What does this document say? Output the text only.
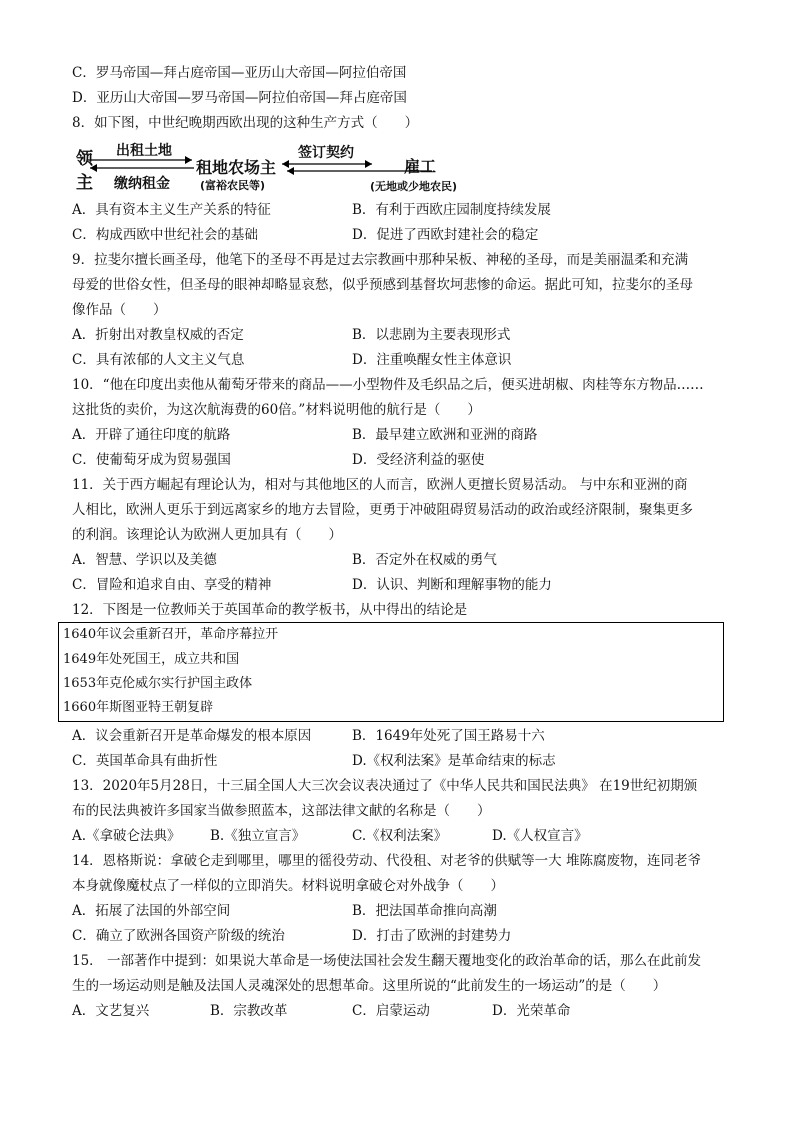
C．罗马帝国—拜占庭帝国—亚历山大帝国—阿拉伯帝国
D．亚历山大帝国—罗马帝国—阿拉伯帝国—拜占庭帝国
8．如下图，中世纪晚期西欧出现的这种生产方式（　　）
领
主
出租土地
缴纳租金
租地农场主
(富裕农民等)
签订契约
雇工
(无地或少地农民)
A．具有资本主义生产关系的特征	B．有利于西欧庄园制度持续发展
C．构成西欧中世纪社会的基础	D．促进了西欧封建社会的稳定
9．拉斐尔擅长画圣母，他笔下的圣母不再是过去宗教画中那种呆板、神秘的圣母，而是美丽温柔和充满
母爱的世俗女性，但圣母的眼神却略显哀愁，似乎预感到基督坎坷悲惨的命运。据此可知，拉斐尔的圣母
像作品（　　）
A．折射出对教皇权威的否定	B．以悲剧为主要表现形式
C．具有浓郁的人文主义气息	D．注重唤醒女性主体意识
10．“他在印度出卖他从葡萄牙带来的商品——小型物件及毛织品之后，便买进胡椒、肉桂等东方物品……
这批货的卖价，为这次航海费的60倍。”材料说明他的航行是（　　）
A．开辟了通往印度的航路	B．最早建立欧洲和亚洲的商路
C．使葡萄牙成为贸易强国	D．受经济利益的驱使
11．关于西方崛起有理论认为，相对与其他地区的人而言，欧洲人更擅长贸易活动。 与中东和亚洲的商
人相比，欧洲人更乐于到远离家乡的地方去冒险，更勇于冲破阻碍贸易活动的政治或经济限制，聚集更多
的利润。该理论认为欧洲人更加具有（　　）
A．智慧、学识以及美德	B．否定外在权威的勇气
C．冒险和追求自由、享受的精神	D．认识、判断和理解事物的能力
12．下图是一位教师关于英国革命的教学板书，从中得出的结论是
1640年议会重新召开，革命序幕拉开
1649年处死国王，成立共和国
1653年克伦威尔实行护国主政体
1660年斯图亚特王朝复辟
A．议会重新召开是革命爆发的根本原因	B．1649年处死了国王路易十六
C．英国革命具有曲折性	D.《权利法案》是革命结束的标志
13．2020年5月28日，十三届全国人大三次会议表决通过了《中华人民共和国民法典》 在19世纪初期颁
布的民法典被许多国家当做参照蓝本，这部法律文献的名称是（　　）
A.《拿破仑法典》 B.《独立宣言》	C.《权利法案》	D.《人权宣言》
14．恩格斯说：拿破仑走到哪里，哪里的徭役劳动、代役租、对老爷的供赋等一大 堆陈腐废物，连同老爷
本身就像魔杖点了一样似的立即消失。材料说明拿破仑对外战争（　　）
A．拓展了法国的外部空间	B．把法国革命推向高潮
C．确立了欧洲各国资产阶级的统治	D．打击了欧洲的封建势力
15． 一部著作中提到：如果说大革命是一场使法国社会发生翻天覆地变化的政治革命的话，那么在此前发
生的一场运动则是触及法国人灵魂深处的思想革命。这里所说的“此前发生的一场运动”的是（　　）
A．文艺复兴	B．宗教改革	C．启蒙运动	D．光荣革命
